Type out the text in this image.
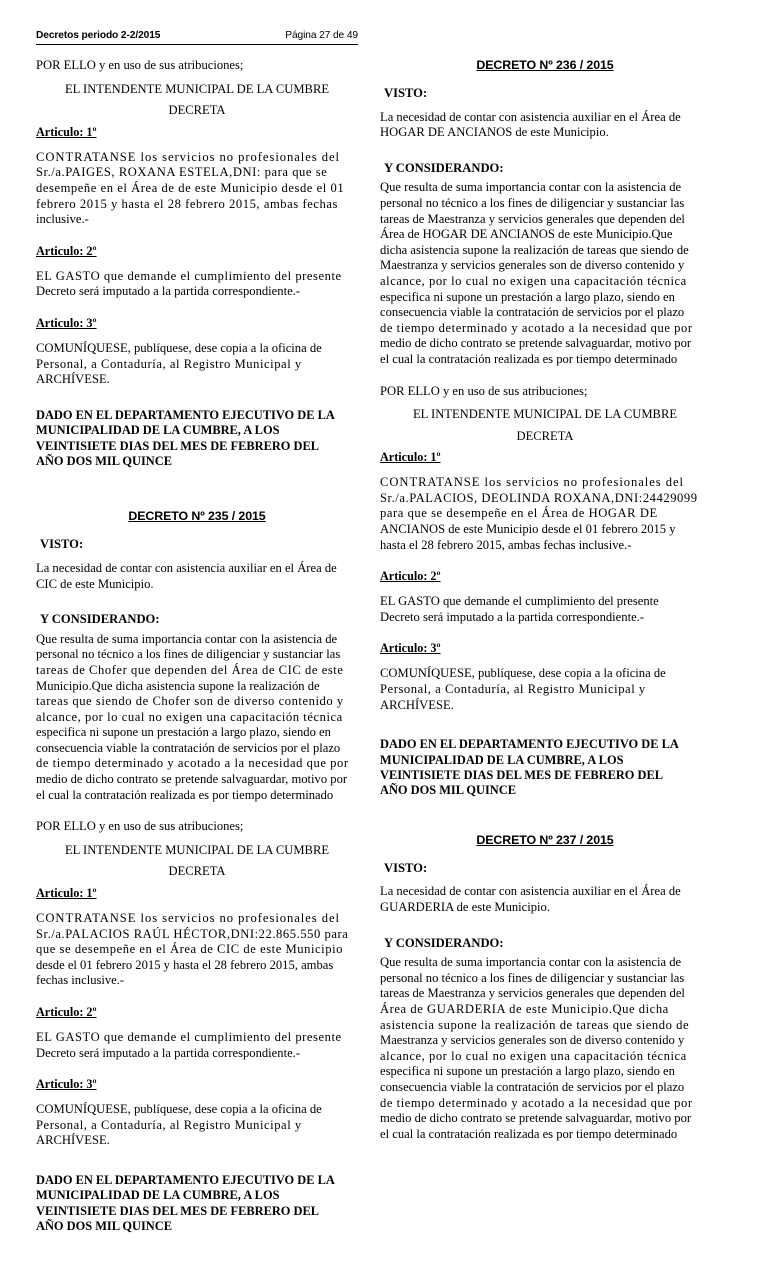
Decretos periodo 2-2/2015	Página 27 de 49
POR ELLO y en uso de sus atribuciones;
EL INTENDENTE MUNICIPAL DE LA CUMBRE
DECRETA
Articulo: 1º
CONTRATANSE los servicios no profesionales del
Sr./a.PAIGES, ROXANA ESTELA,DNI: para que se
desempeñe en el Área de de este Municipio desde el 01
febrero 2015 y hasta el 28 febrero 2015, ambas fechas
inclusive.-
Articulo: 2º
EL GASTO que demande el cumplimiento del presente
Decreto será imputado a la partida correspondiente.-
Articulo: 3º
COMUNÍQUESE, publíquese, dese copia a la oficina de
Personal, a Contaduría, al Registro Municipal y
ARCHÍVESE.
DADO EN EL DEPARTAMENTO EJECUTIVO DE LA
MUNICIPALIDAD DE LA CUMBRE, A LOS
VEINTISIETE DIAS DEL MES DE FEBRERO DEL
AÑO DOS MIL QUINCE
DECRETO Nº 235 / 2015
VISTO:
La necesidad de contar con asistencia auxiliar en el Área de
CIC de este Municipio.
Y CONSIDERANDO:
Que resulta de suma importancia contar con la asistencia de
personal no técnico a los fines de diligenciar y sustanciar las
tareas de Chofer que dependen del Área de CIC de este
Municipio.Que dicha asistencia supone la realización de
tareas que siendo de Chofer son de diverso contenido y
alcance, por lo cual no exigen una capacitación técnica
especifica ni supone un prestación a largo plazo, siendo en
consecuencia viable la contratación de servicios por el plazo
de tiempo determinado y acotado a la necesidad que por
medio de dicho contrato se pretende salvaguardar, motivo por
el cual la contratación realizada es por tiempo determinado
POR ELLO y en uso de sus atribuciones;
EL INTENDENTE MUNICIPAL DE LA CUMBRE
DECRETA
Articulo: 1º
CONTRATANSE los servicios no profesionales del
Sr./a.PALACIOS RAÚL HÉCTOR,DNI:22.865.550 para
que se desempeñe en el Área de CIC de este Municipio
desde el 01 febrero 2015 y hasta el 28 febrero 2015, ambas
fechas inclusive.-
Articulo: 2º
EL GASTO que demande el cumplimiento del presente
Decreto será imputado a la partida correspondiente.-
Articulo: 3º
COMUNÍQUESE, publíquese, dese copia a la oficina de
Personal, a Contaduría, al Registro Municipal y
ARCHÍVESE.
DADO EN EL DEPARTAMENTO EJECUTIVO DE LA
MUNICIPALIDAD DE LA CUMBRE, A LOS
VEINTISIETE DIAS DEL MES DE FEBRERO DEL
AÑO DOS MIL QUINCE
DECRETO Nº 236 / 2015
VISTO:
La necesidad de contar con asistencia auxiliar en el Área de
HOGAR DE ANCIANOS de este Municipio.
Y CONSIDERANDO:
Que resulta de suma importancia contar con la asistencia de
personal no técnico a los fines de diligenciar y sustanciar las
tareas de Maestranza y servicios generales que dependen del
Área de HOGAR DE ANCIANOS de este Municipio.Que
dicha asistencia supone la realización de tareas que siendo de
Maestranza y servicios generales son de diverso contenido y
alcance, por lo cual no exigen una capacitación técnica
especifica ni supone un prestación a largo plazo, siendo en
consecuencia viable la contratación de servicios por el plazo
de tiempo determinado y acotado a la necesidad que por
medio de dicho contrato se pretende salvaguardar, motivo por
el cual la contratación realizada es por tiempo determinado
POR ELLO y en uso de sus atribuciones;
EL INTENDENTE MUNICIPAL DE LA CUMBRE
DECRETA
Articulo: 1º
CONTRATANSE los servicios no profesionales del
Sr./a.PALACIOS, DEOLINDA ROXANA,DNI:24429099
para que se desempeñe en el Área de HOGAR DE
ANCIANOS de este Municipio desde el 01 febrero 2015 y
hasta el 28 febrero 2015, ambas fechas inclusive.-
Articulo: 2º
EL GASTO que demande el cumplimiento del presente
Decreto será imputado a la partida correspondiente.-
Articulo: 3º
COMUNÍQUESE, publíquese, dese copia a la oficina de
Personal, a Contaduría, al Registro Municipal y
ARCHÍVESE.
DADO EN EL DEPARTAMENTO EJECUTIVO DE LA
MUNICIPALIDAD DE LA CUMBRE, A LOS
VEINTISIETE DIAS DEL MES DE FEBRERO DEL
AÑO DOS MIL QUINCE
DECRETO Nº 237 / 2015
VISTO:
La necesidad de contar con asistencia auxiliar en el Área de
GUARDERIA de este Municipio.
Y CONSIDERANDO:
Que resulta de suma importancia contar con la asistencia de
personal no técnico a los fines de diligenciar y sustanciar las
tareas de Maestranza y servicios generales que dependen del
Área de GUARDERIA de este Municipio.Que dicha
asistencia supone la realización de tareas que siendo de
Maestranza y servicios generales son de diverso contenido y
alcance, por lo cual no exigen una capacitación técnica
especifica ni supone un prestación a largo plazo, siendo en
consecuencia viable la contratación de servicios por el plazo
de tiempo determinado y acotado a la necesidad que por
medio de dicho contrato se pretende salvaguardar, motivo por
el cual la contratación realizada es por tiempo determinado
